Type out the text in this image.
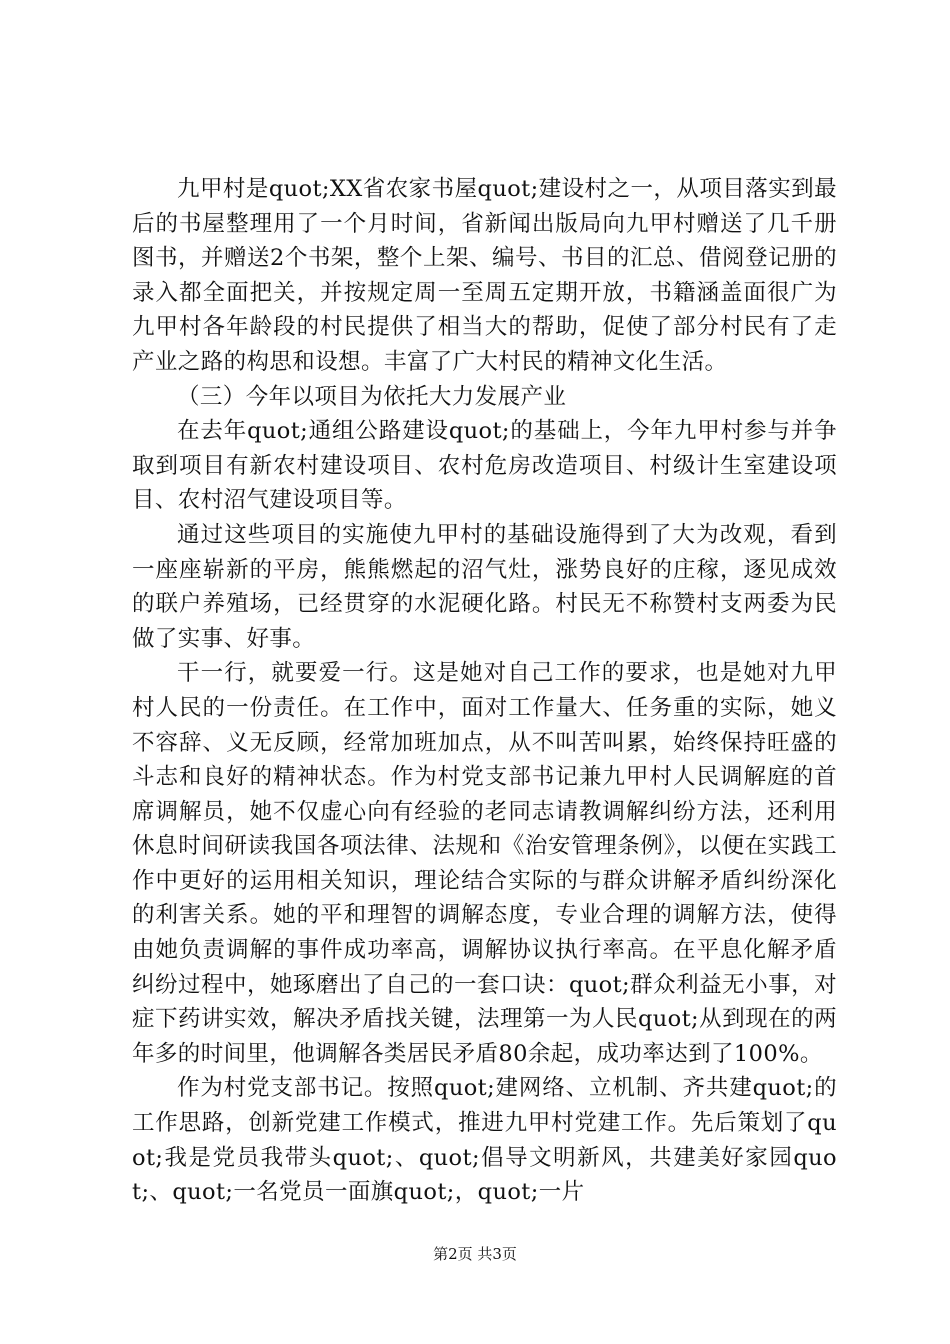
九甲村是quot;XX省农家书屋quot;建设村之一，从项目落实到最后的书屋整理用了一个月时间，省新闻出版局向九甲村赠送了几千册图书，并赠送2个书架，整个上架、编号、书目的汇总、借阅登记册的录入都全面把关，并按规定周一至周五定期开放，书籍涵盖面很广为九甲村各年龄段的村民提供了相当大的帮助，促使了部分村民有了走产业之路的构思和设想。丰富了广大村民的精神文化生活。

（三）今年以项目为依托大力发展产业

在去年quot;通组公路建设quot;的基础上，今年九甲村参与并争取到项目有新农村建设项目、农村危房改造项目、村级计生室建设项目、农村沼气建设项目等。

通过这些项目的实施使九甲村的基础设施得到了大为改观，看到一座座崭新的平房，熊熊燃起的沼气灶，涨势良好的庄稼，逐见成效的联户养殖场，已经贯穿的水泥硬化路。村民无不称赞村支两委为民做了实事、好事。

干一行，就要爱一行。这是她对自己工作的要求，也是她对九甲村人民的一份责任。在工作中，面对工作量大、任务重的实际，她义不容辞、义无反顾，经常加班加点，从不叫苦叫累，始终保持旺盛的斗志和良好的精神状态。作为村党支部书记兼九甲村人民调解庭的首席调解员，她不仅虚心向有经验的老同志请教调解纠纷方法，还利用休息时间研读我国各项法律、法规和《治安管理条例》，以便在实践工作中更好的运用相关知识，理论结合实际的与群众讲解矛盾纠纷深化的利害关系。她的平和理智的调解态度，专业合理的调解方法，使得由她负责调解的事件成功率高，调解协议执行率高。在平息化解矛盾纠纷过程中，她琢磨出了自己的一套口诀：quot;群众利益无小事，对症下药讲实效，解决矛盾找关键，法理第一为人民quot;从到现在的两年多的时间里，他调解各类居民矛盾80余起，成功率达到了100%。

作为村党支部书记。按照quot;建网络、立机制、齐共建quot;的工作思路，创新党建工作模式，推进九甲村党建工作。先后策划了quot;我是党员我带头quot;、quot;倡导文明新风，共建美好家园quot;、quot;一名党员一面旗quot;，quot;一片

第2页 共3页
